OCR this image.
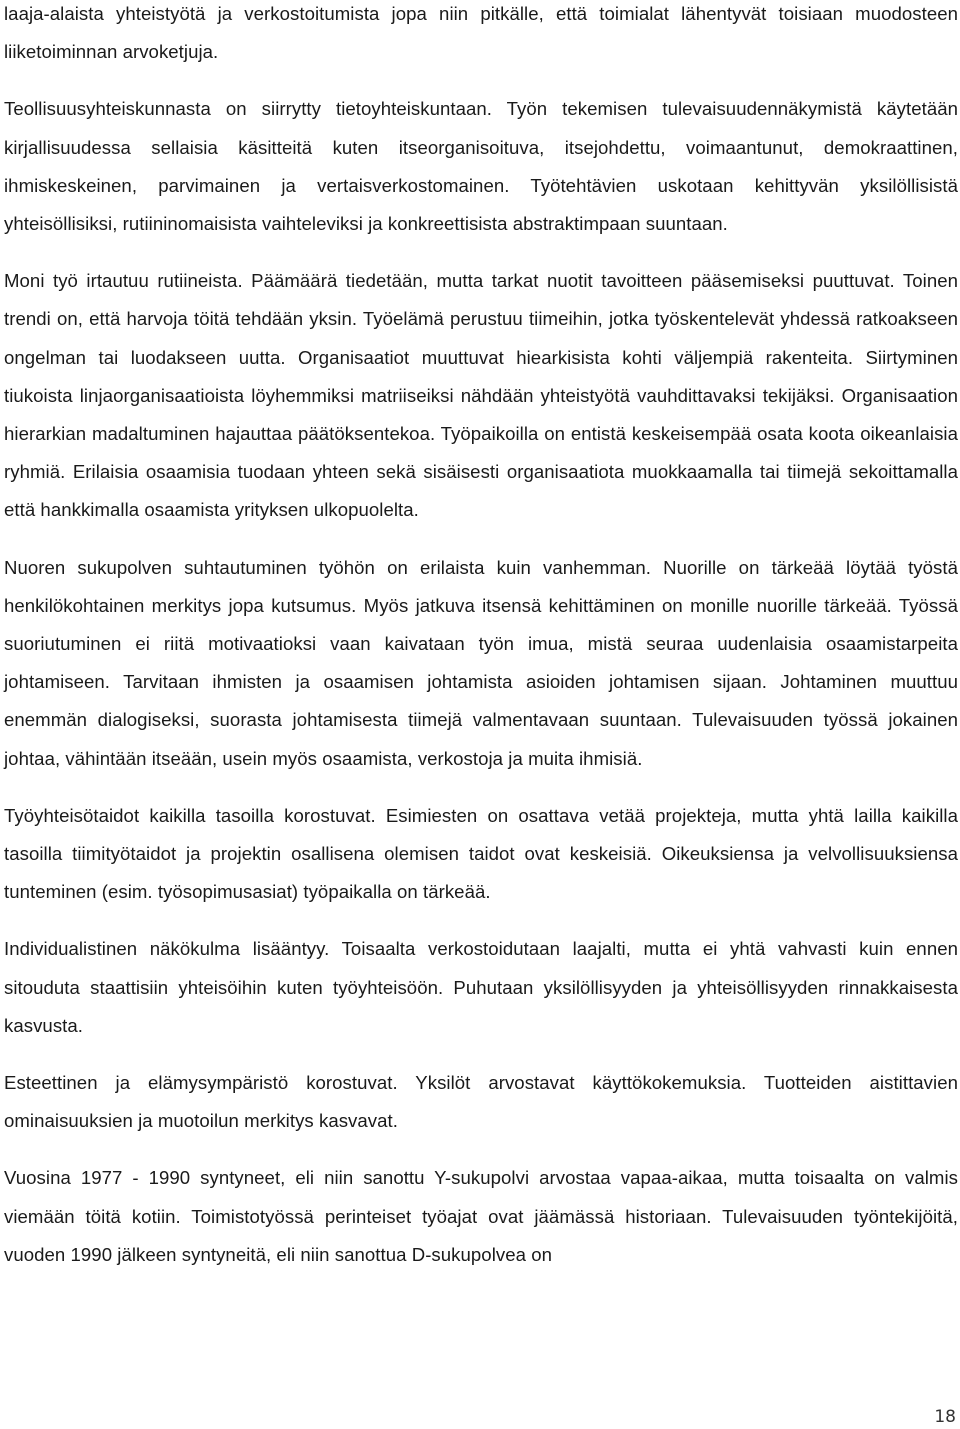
laaja-alaista yhteistyötä ja verkostoitumista jopa niin pitkälle, että toimialat lähentyvät toisiaan muodosteen liiketoiminnan arvoketjuja.

Teollisuusyhteiskunnasta on siirrytty tietoyhteiskuntaan. Työn tekemisen tulevaisuudennäkymistä käytetään kirjallisuudessa sellaisia käsitteitä kuten itseorganisoituva, itsejohdettu, voimaantunut, demokraattinen, ihmiskeskeinen, parvimainen ja vertaisverkostomainen. Työtehtävien uskotaan kehittyvän yksilöllisistä yhteisöllisiksi, rutiininomaisista vaihteleviksi ja konkreettisista abstraktimpaan suuntaan.

Moni työ irtautuu rutiineista. Päämäärä tiedetään, mutta tarkat nuotit tavoitteen pääsemiseksi puuttuvat. Toinen trendi on, että harvoja töitä tehdään yksin. Työelämä perustuu tiimeihin, jotka työskentelevät yhdessä ratkoakseen ongelman tai luodakseen uutta. Organisaatiot muuttuvat hiearkisista kohti väljempiä rakenteita. Siirtyminen tiukoista linjaorganisaatioista löyhemmiksi matriiseiksi nähdään yhteistyötä vauhdittavaksi tekijäksi. Organisaation hierarkian madaltuminen hajauttaa päätöksentekoa. Työpaikoilla on entistä keskeisempää osata koota oikeanlaisia ryhmiä. Erilaisia osaamisia tuodaan yhteen sekä sisäisesti organisaatiota muokkaamalla tai tiimejä sekoittamalla että hankkimalla osaamista yrityksen ulkopuolelta.

Nuoren sukupolven suhtautuminen työhön on erilaista kuin vanhemman. Nuorille on tärkeää löytää työstä henkilökohtainen merkitys jopa kutsumus. Myös jatkuva itsensä kehittäminen on monille nuorille tärkeää. Työssä suoriutuminen ei riitä motivaatioksi vaan kaivataan työn imua, mistä seuraa uudenlaisia osaamistarpeita johtamiseen. Tarvitaan ihmisten ja osaamisen johtamista asioiden johtamisen sijaan. Johtaminen muuttuu enemmän dialogiseksi, suorasta johtamisesta tiimejä valmentavaan suuntaan. Tulevaisuuden työssä jokainen johtaa, vähintään itseään, usein myös osaamista, verkostoja ja muita ihmisiä.

Työyhteisötaidot kaikilla tasoilla korostuvat. Esimiesten on osattava vetää projekteja, mutta yhtä lailla kaikilla tasoilla tiimityötaidot ja projektin osallisena olemisen taidot ovat keskeisiä. Oikeuksiensa ja velvollisuuksiensa tunteminen (esim. työsopimusasiat) työpaikalla on tärkeää.

Individualistinen näkökulma lisääntyy. Toisaalta verkostoidutaan laajalti, mutta ei yhtä vahvasti kuin ennen sitouduta staattisiin yhteisöihin kuten työyhteisöön. Puhutaan yksilöllisyyden ja yhteisöllisyyden rinnakkaisesta kasvusta.

Esteettinen ja elämysympäristö korostuvat. Yksilöt arvostavat käyttökokemuksia. Tuotteiden aistittavien ominaisuuksien ja muotoilun merkitys kasvavat.

Vuosina 1977 - 1990 syntyneet, eli niin sanottu Y-sukupolvi arvostaa vapaa-aikaa, mutta toisaalta on valmis viemään töitä kotiin. Toimistotyössä perinteiset työajat ovat jäämässä historiaan. Tulevaisuuden työntekijöitä, vuoden 1990 jälkeen syntyneitä, eli niin sanottua D-sukupolvea on

18
